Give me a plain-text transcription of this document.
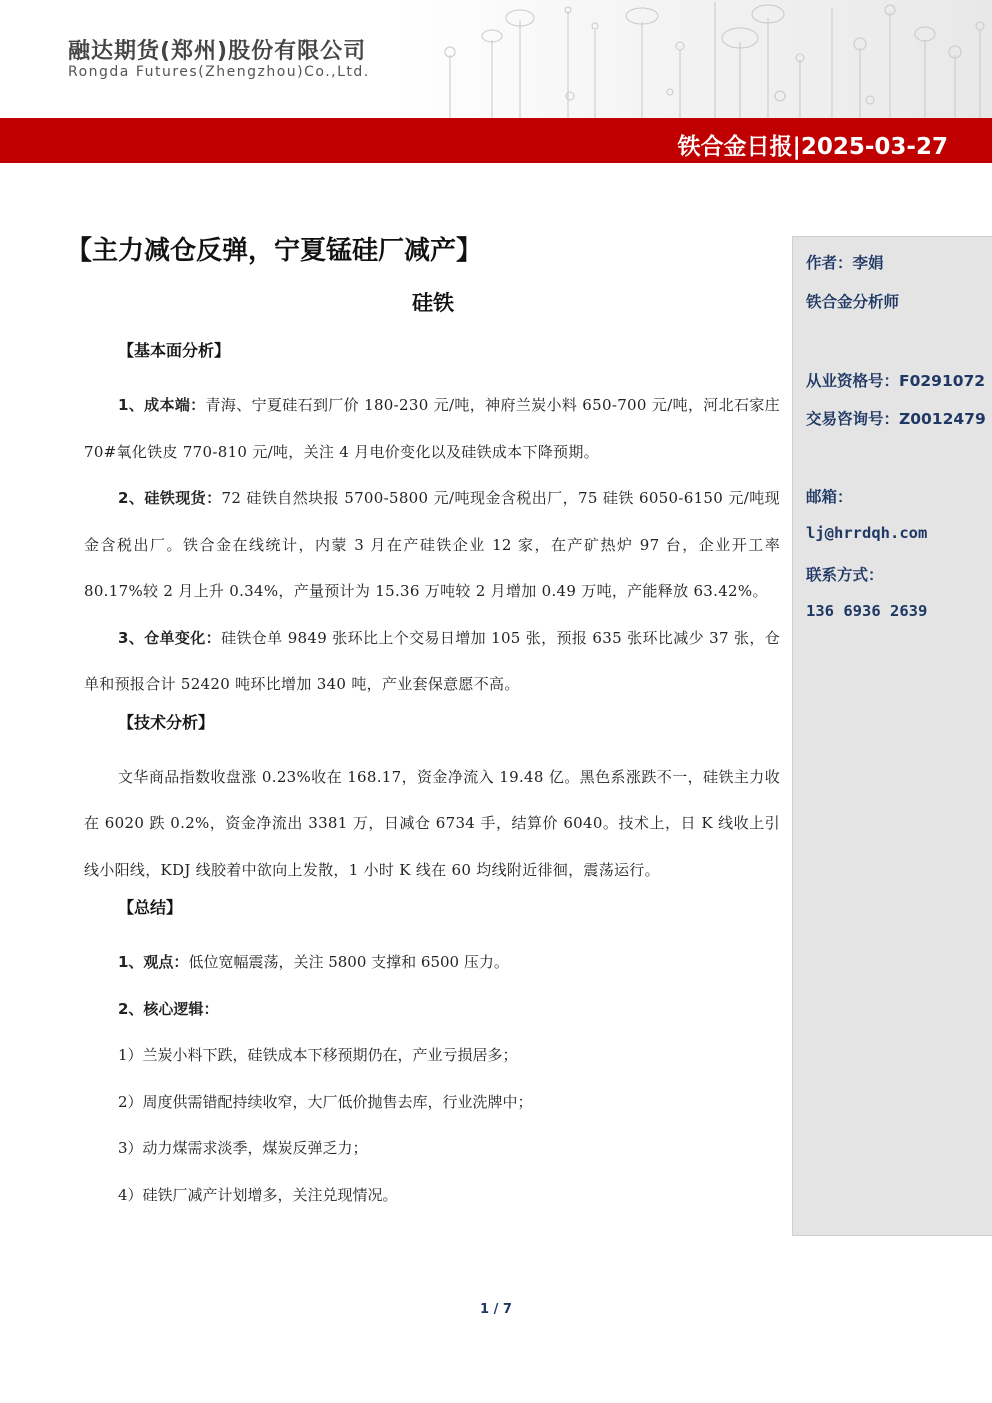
融达期货(郑州)股份有限公司
Rongda Futures(Zhengzhou)Co.,Ltd.
铁合金日报|2025-03-27
【主力减仓反弹，宁夏锰硅厂减产】
硅铁
【基本面分析】

1、成本端：青海、宁夏硅石到厂价 180-230 元/吨，神府兰炭小料 650-700 元/吨，河北石家庄 70#氧化铁皮 770-810 元/吨，关注 4 月电价变化以及硅铁成本下降预期。

2、硅铁现货：72 硅铁自然块报 5700-5800 元/吨现金含税出厂，75 硅铁 6050-6150 元/吨现金含税出厂。铁合金在线统计，内蒙 3 月在产硅铁企业 12 家，在产矿热炉 97 台，企业开工率 80.17%较 2 月上升 0.34%，产量预计为 15.36 万吨较 2 月增加 0.49 万吨，产能释放 63.42%。

3、仓单变化：硅铁仓单 9849 张环比上个交易日增加 105 张，预报 635 张环比减少 37 张，仓单和预报合计 52420 吨环比增加 340 吨，产业套保意愿不高。

【技术分析】

文华商品指数收盘涨 0.23%收在 168.17，资金净流入 19.48 亿。黑色系涨跌不一，硅铁主力收在 6020 跌 0.2%，资金净流出 3381 万，日减仓 6734 手，结算价 6040。技术上，日 K 线收上引线小阳线，KDJ 线胶着中欲向上发散，1 小时 K 线在 60 均线附近徘徊，震荡运行。

【总结】
1、观点：低位宽幅震荡，关注 5800 支撑和 6500 压力。
2、核心逻辑：
1）兰炭小料下跌，硅铁成本下移预期仍在，产业亏损居多；
2）周度供需错配持续收窄，大厂低价抛售去库，行业洗牌中；
3）动力煤需求淡季，煤炭反弹乏力；
4）硅铁厂减产计划增多，关注兑现情况。
作者：李娟
铁合金分析师
从业资格号：F0291072
交易咨询号：Z0012479
邮箱：
lj@hrrdqh.com
联系方式：
136 6936 2639
1 / 7
